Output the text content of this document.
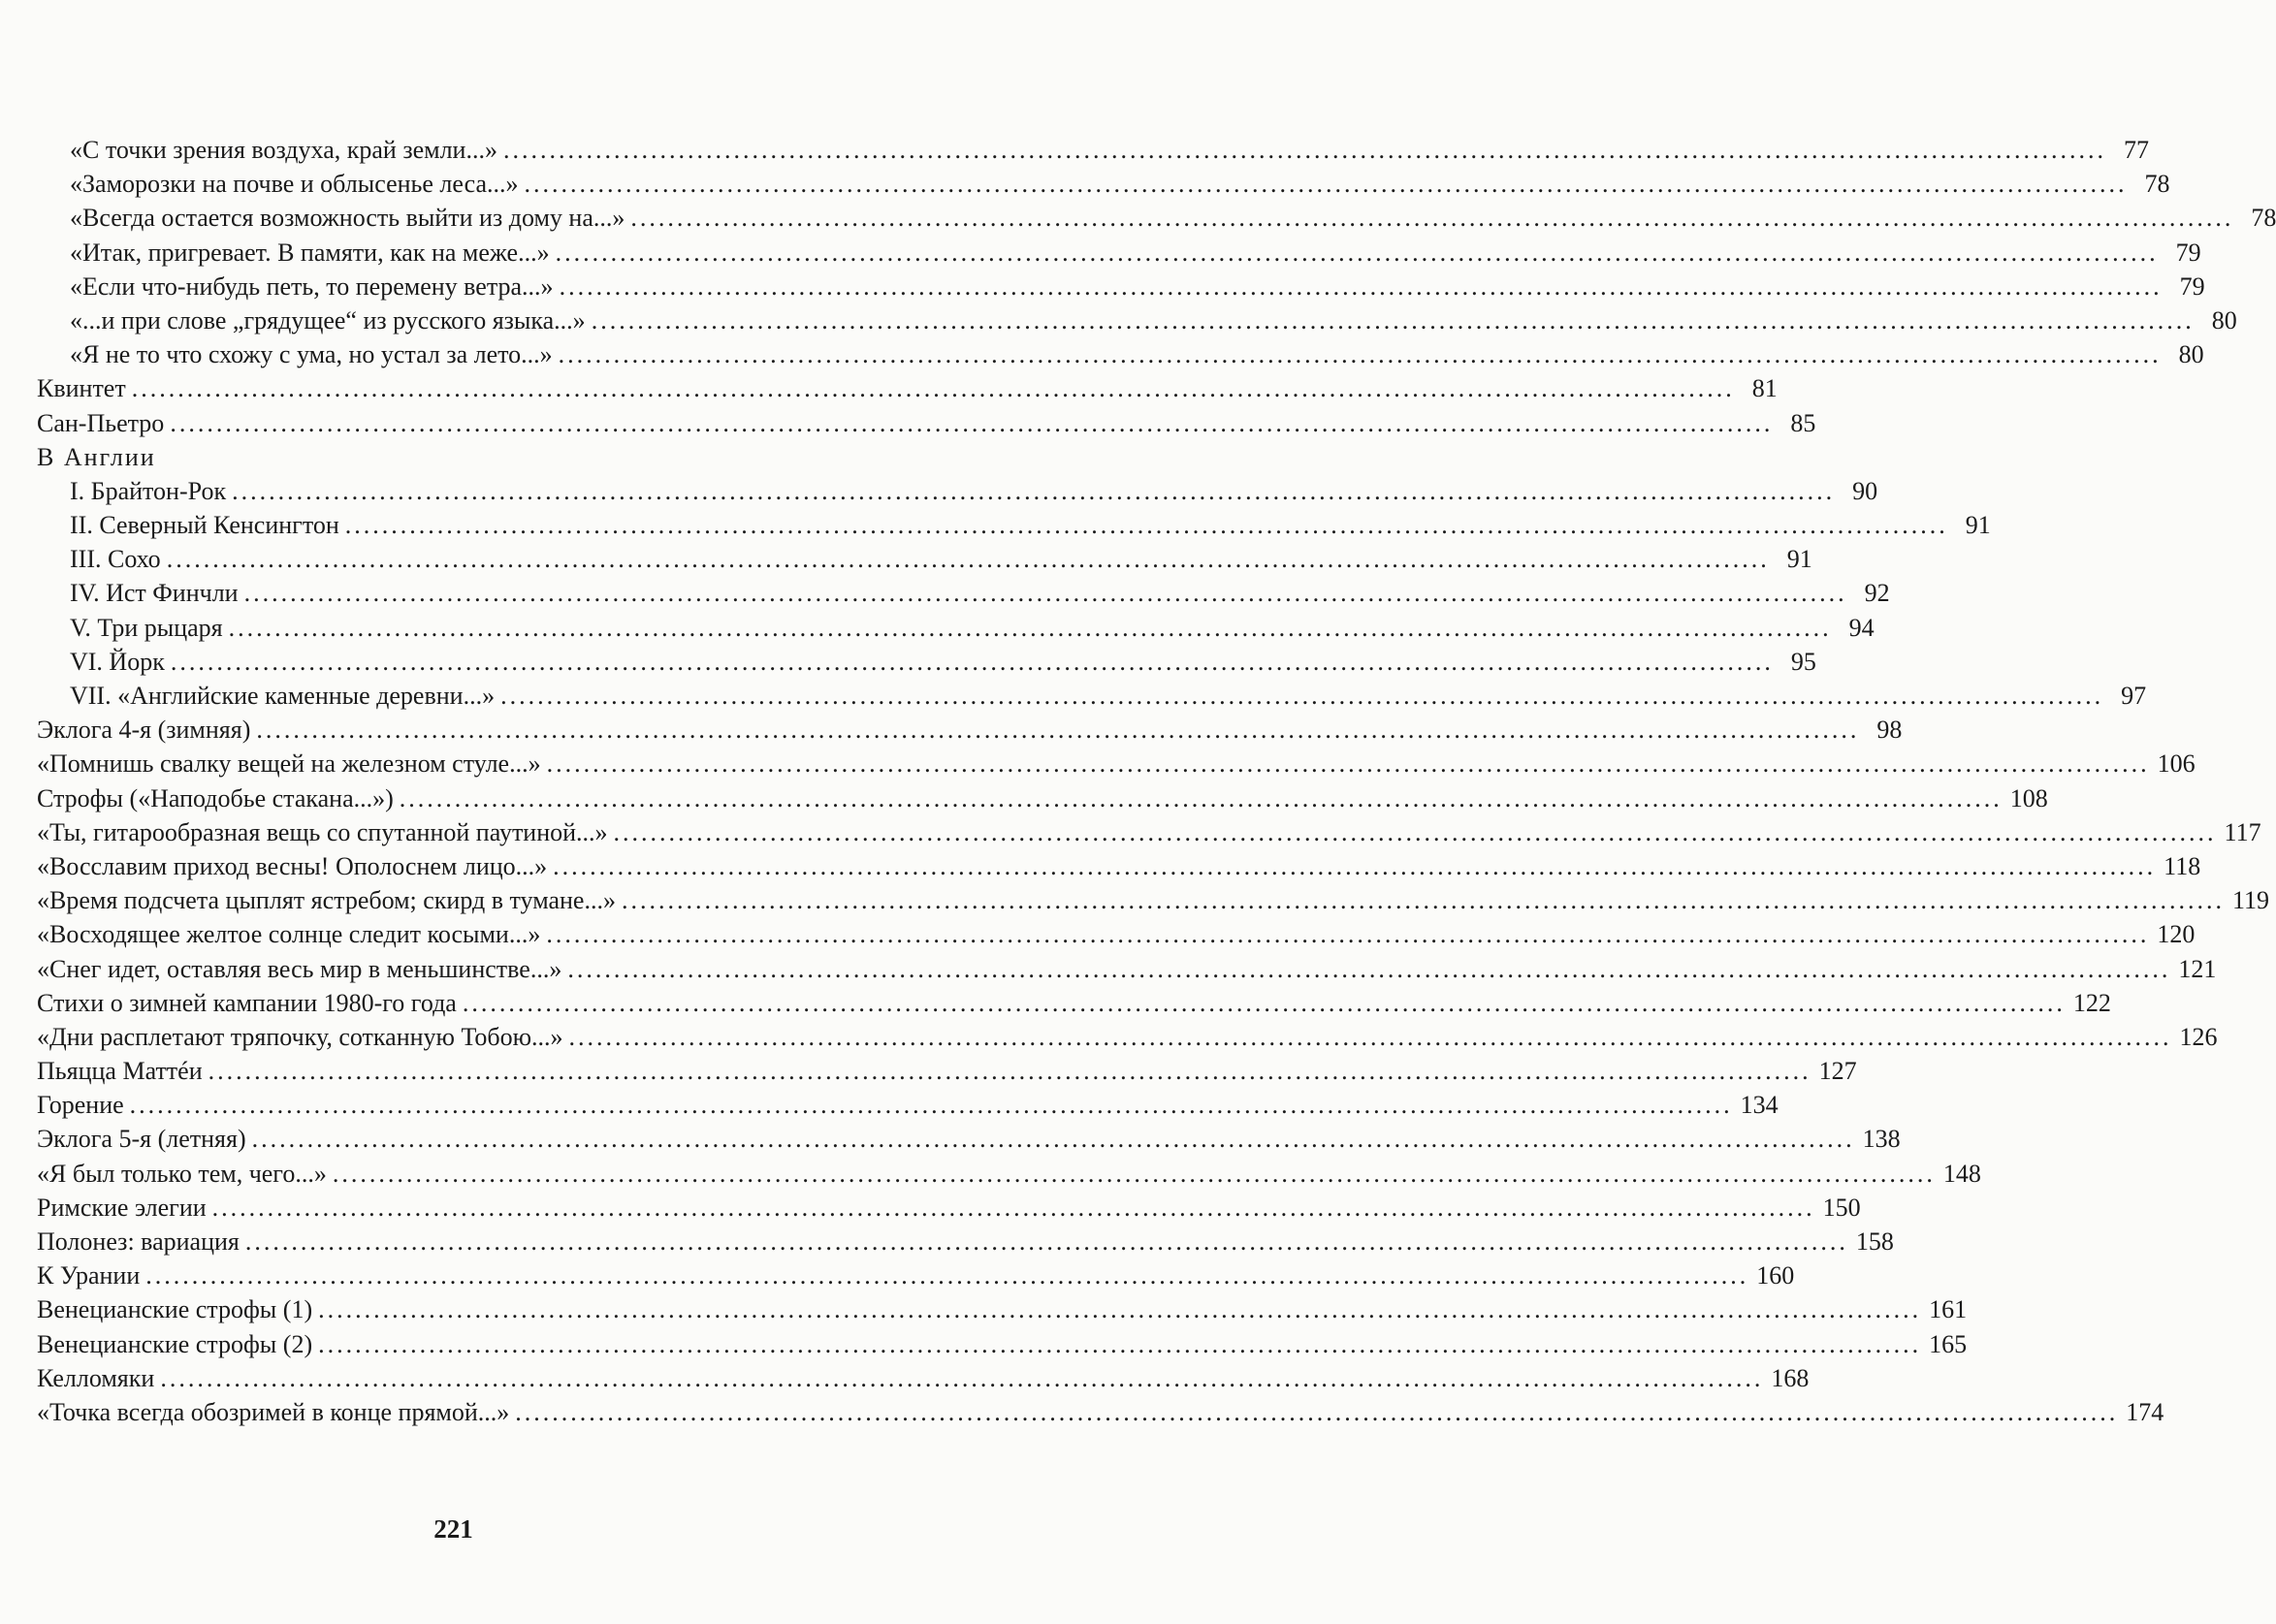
«С точки зрения воздуха, край земли...» .....	77
«Заморозки на почве и облысенье леса...» .....	78
«Всегда остается возможность выйти из дому на...» .....	78
«Итак, пригревает. В памяти, как на меже...» .....	79
«Если что-нибудь петь, то перемену ветра...» .....	79
«...и при слове „грядущее“ из русского языка...» .....	80
«Я не то что схожу с ума, но устал за лето...» .....	80
Квинтет .....	81
Сан-Пьетро .....	85
В Англии
I. Брайтон-Рок .....	90
II. Северный Кенсингтон .....	91
III. Сохо .....	91
IV. Ист Финчли .....	92
V. Три рыцаря .....	94
VI. Йорк .....	95
VII. «Английские каменные деревни...» .....	97
Эклога 4-я (зимняя) .....	98
«Помнишь свалку вещей на железном стуле...» .....	106
Строфы («Наподобье стакана...») .....	108
«Ты, гитарообразная вещь со спутанной паутиной...» .....	117
«Восславим приход весны! Ополоснем лицо...» .....	118
«Время подсчета цыплят ястребом; скирд в тумане...» .....	119
«Восходящее желтое солнце следит косыми...» .....	120
«Снег идет, оставляя весь мир в меньшинстве...» .....	121
Стихи о зимней кампании 1980-го года .....	122
«Дни расплетают тряпочку, сотканную Тобою...» .....	126
Пьяцца Маттéи .....	127
Горение .....	134
Эклога 5-я (летняя) .....	138
«Я был только тем, чего...» .....	148
Римские элегии .....	150
Полонез: вариация .....	158
К Урании .....	160
Венецианские строфы (1) .....	161
Венецианские строфы (2) .....	165
Келломяки .....	168
«Точка всегда обозримей в конце прямой...» .....	174
221
